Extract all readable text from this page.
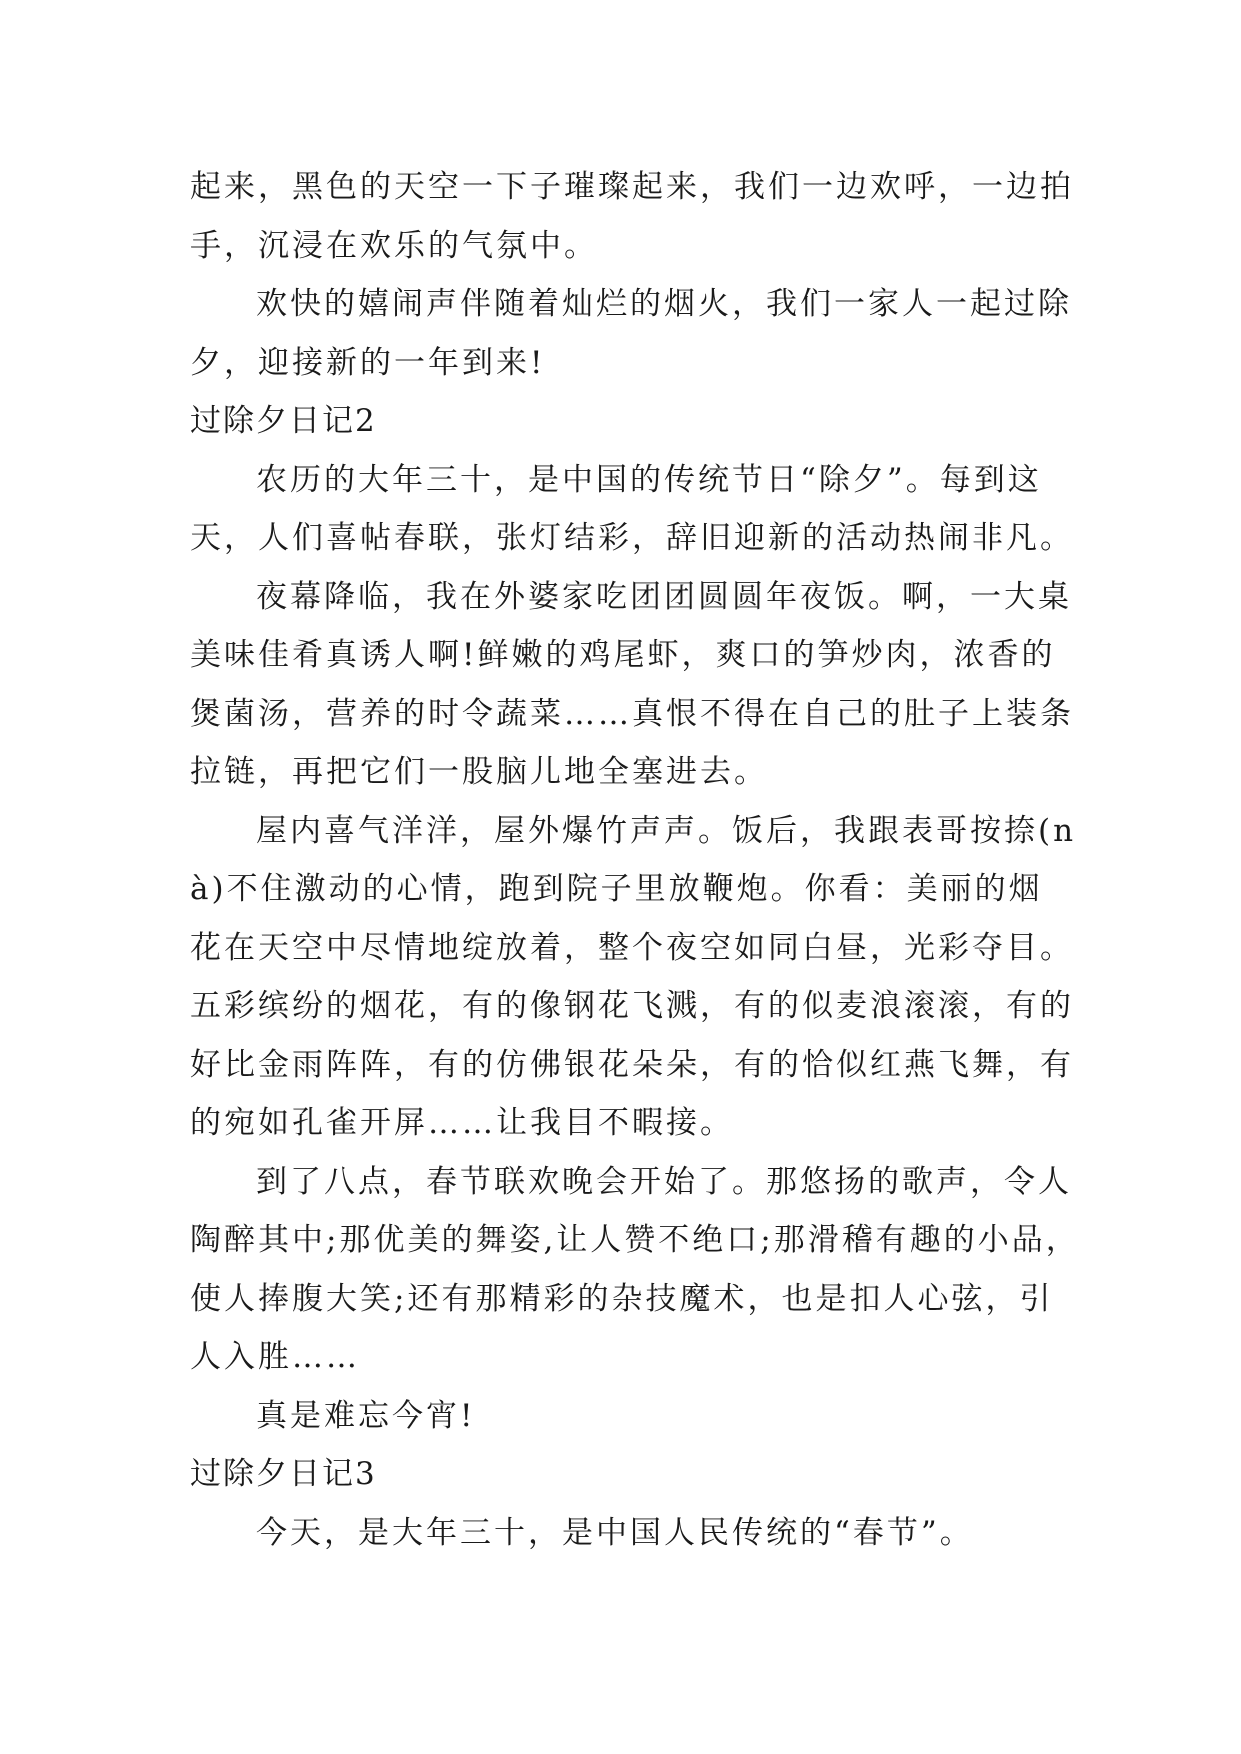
起来，黑色的天空一下子璀璨起来，我们一边欢呼，一边拍
手，沉浸在欢乐的气氛中。
欢快的嬉闹声伴随着灿烂的烟火，我们一家人一起过除
夕，迎接新的一年到来!
过除夕日记2
农历的大年三十，是中国的传统节日“除夕”。每到这
天，人们喜帖春联，张灯结彩，辞旧迎新的活动热闹非凡。
夜幕降临，我在外婆家吃团团圆圆年夜饭。啊，一大桌
美味佳肴真诱人啊!鲜嫩的鸡尾虾，爽口的笋炒肉，浓香的
煲菌汤，营养的时令蔬菜……真恨不得在自己的肚子上装条
拉链，再把它们一股脑儿地全塞进去。
屋内喜气洋洋，屋外爆竹声声。饭后，我跟表哥按捺(n
à)不住激动的心情，跑到院子里放鞭炮。你看：美丽的烟
花在天空中尽情地绽放着，整个夜空如同白昼，光彩夺目。
五彩缤纷的烟花，有的像钢花飞溅，有的似麦浪滚滚，有的
好比金雨阵阵，有的仿佛银花朵朵，有的恰似红燕飞舞，有
的宛如孔雀开屏……让我目不暇接。
到了八点，春节联欢晚会开始了。那悠扬的歌声，令人
陶醉其中;那优美的舞姿,让人赞不绝口;那滑稽有趣的小品，
使人捧腹大笑;还有那精彩的杂技魔术，也是扣人心弦，引
人入胜……
真是难忘今宵!
过除夕日记3
今天，是大年三十，是中国人民传统的“春节”。
